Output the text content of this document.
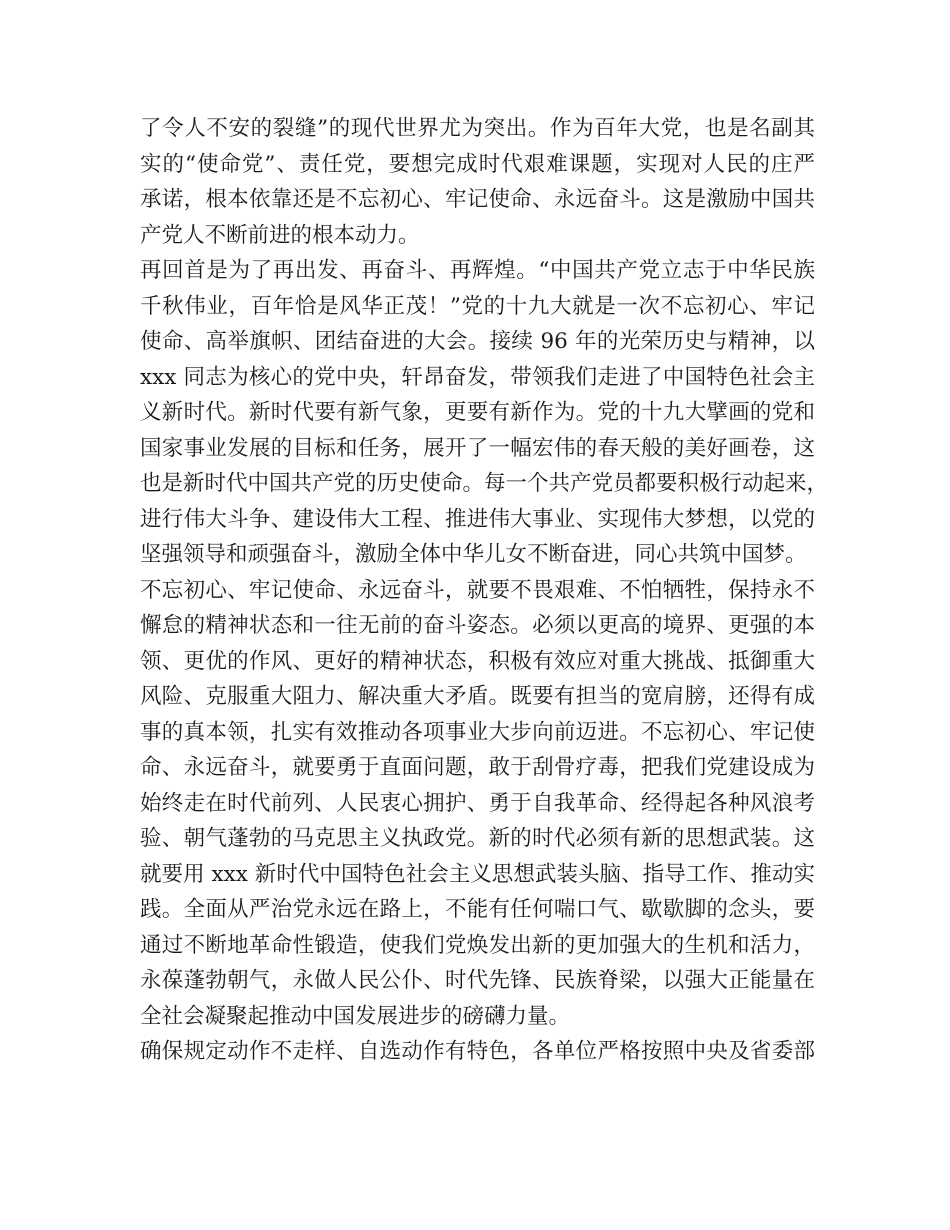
了令人不安的裂缝”的现代世界尤为突出。作为百年大党，也是名副其
实的“使命党”、责任党，要想完成时代艰难课题，实现对人民的庄严
承诺，根本依靠还是不忘初心、牢记使命、永远奋斗。这是激励中国共
产党人不断前进的根本动力。
再回首是为了再出发、再奋斗、再辉煌。“中国共产党立志于中华民族
千秋伟业，百年恰是风华正茂！”党的十九大就是一次不忘初心、牢记
使命、高举旗帜、团结奋进的大会。接续 96 年的光荣历史与精神，以
xxx 同志为核心的党中央，轩昂奋发，带领我们走进了中国特色社会主
义新时代。新时代要有新气象，更要有新作为。党的十九大擘画的党和
国家事业发展的目标和任务，展开了一幅宏伟的春天般的美好画卷，这
也是新时代中国共产党的历史使命。每一个共产党员都要积极行动起来，
进行伟大斗争、建设伟大工程、推进伟大事业、实现伟大梦想，以党的
坚强领导和顽强奋斗，激励全体中华儿女不断奋进，同心共筑中国梦。
不忘初心、牢记使命、永远奋斗，就要不畏艰难、不怕牺牲，保持永不
懈怠的精神状态和一往无前的奋斗姿态。必须以更高的境界、更强的本
领、更优的作风、更好的精神状态，积极有效应对重大挑战、抵御重大
风险、克服重大阻力、解决重大矛盾。既要有担当的宽肩膀，还得有成
事的真本领，扎实有效推动各项事业大步向前迈进。不忘初心、牢记使
命、永远奋斗，就要勇于直面问题，敢于刮骨疗毒，把我们党建设成为
始终走在时代前列、人民衷心拥护、勇于自我革命、经得起各种风浪考
验、朝气蓬勃的马克思主义执政党。新的时代必须有新的思想武装。这
就要用 xxx 新时代中国特色社会主义思想武装头脑、指导工作、推动实
践。全面从严治党永远在路上，不能有任何喘口气、歇歇脚的念头，要
通过不断地革命性锻造，使我们党焕发出新的更加强大的生机和活力，
永葆蓬勃朝气，永做人民公仆、时代先锋、民族脊梁，以强大正能量在
全社会凝聚起推动中国发展进步的磅礴力量。
确保规定动作不走样、自选动作有特色，各单位严格按照中央及省委部
